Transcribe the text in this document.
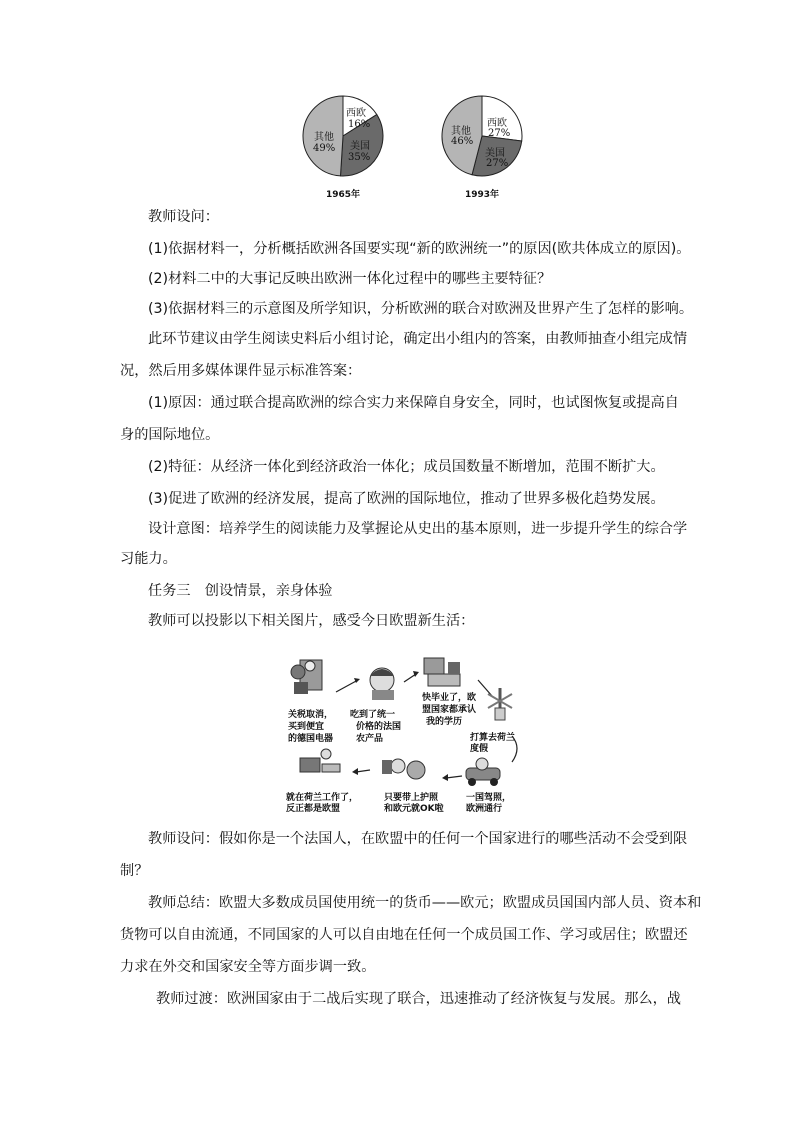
1965年	1993年
西欧
16%
美国
35%
其他
49%
西欧
27%
美国
27%
其他
46%
教师设问：
(1)依据材料一，分析概括欧洲各国要实现“新的欧洲统一”的原因(欧共体成立的原因)。
(2)材料二中的大事记反映出欧洲一体化过程中的哪些主要特征？
(3)依据材料三的示意图及所学知识，分析欧洲的联合对欧洲及世界产生了怎样的影响。
此环节建议由学生阅读史料后小组讨论，确定出小组内的答案，由教师抽查小组完成情
况，然后用多媒体课件显示标准答案：
(1)原因：通过联合提高欧洲的综合实力来保障自身安全，同时，也试图恢复或提高自
身的国际地位。
(2)特征：从经济一体化到经济政治一体化；成员国数量不断增加，范围不断扩大。
(3)促进了欧洲的经济发展，提高了欧洲的国际地位，推动了世界多极化趋势发展。
设计意图：培养学生的阅读能力及掌握论从史出的基本原则，进一步提升学生的综合学
习能力。
任务三　创设情景，亲身体验
教师可以投影以下相关图片，感受今日欧盟新生活：
关税取消，
买到便宜
的德国电器
吃到了统一
价格的法国
农产品
快毕业了，欧
盟国家都承认
我的学历
打算去荷兰
度假
一国驾照，
欧洲通行
只要带上护照
和欧元就OK啦
就在荷兰工作了，
反正都是欧盟
教师设问：假如你是一个法国人，在欧盟中的任何一个国家进行的哪些活动不会受到限
制？
教师总结：欧盟大多数成员国使用统一的货币——欧元；欧盟成员国国内部人员、资本和
货物可以自由流通，不同国家的人可以自由地在任何一个成员国工作、学习或居住；欧盟还
力求在外交和国家安全等方面步调一致。
教师过渡：欧洲国家由于二战后实现了联合，迅速推动了经济恢复与发展。那么，战
